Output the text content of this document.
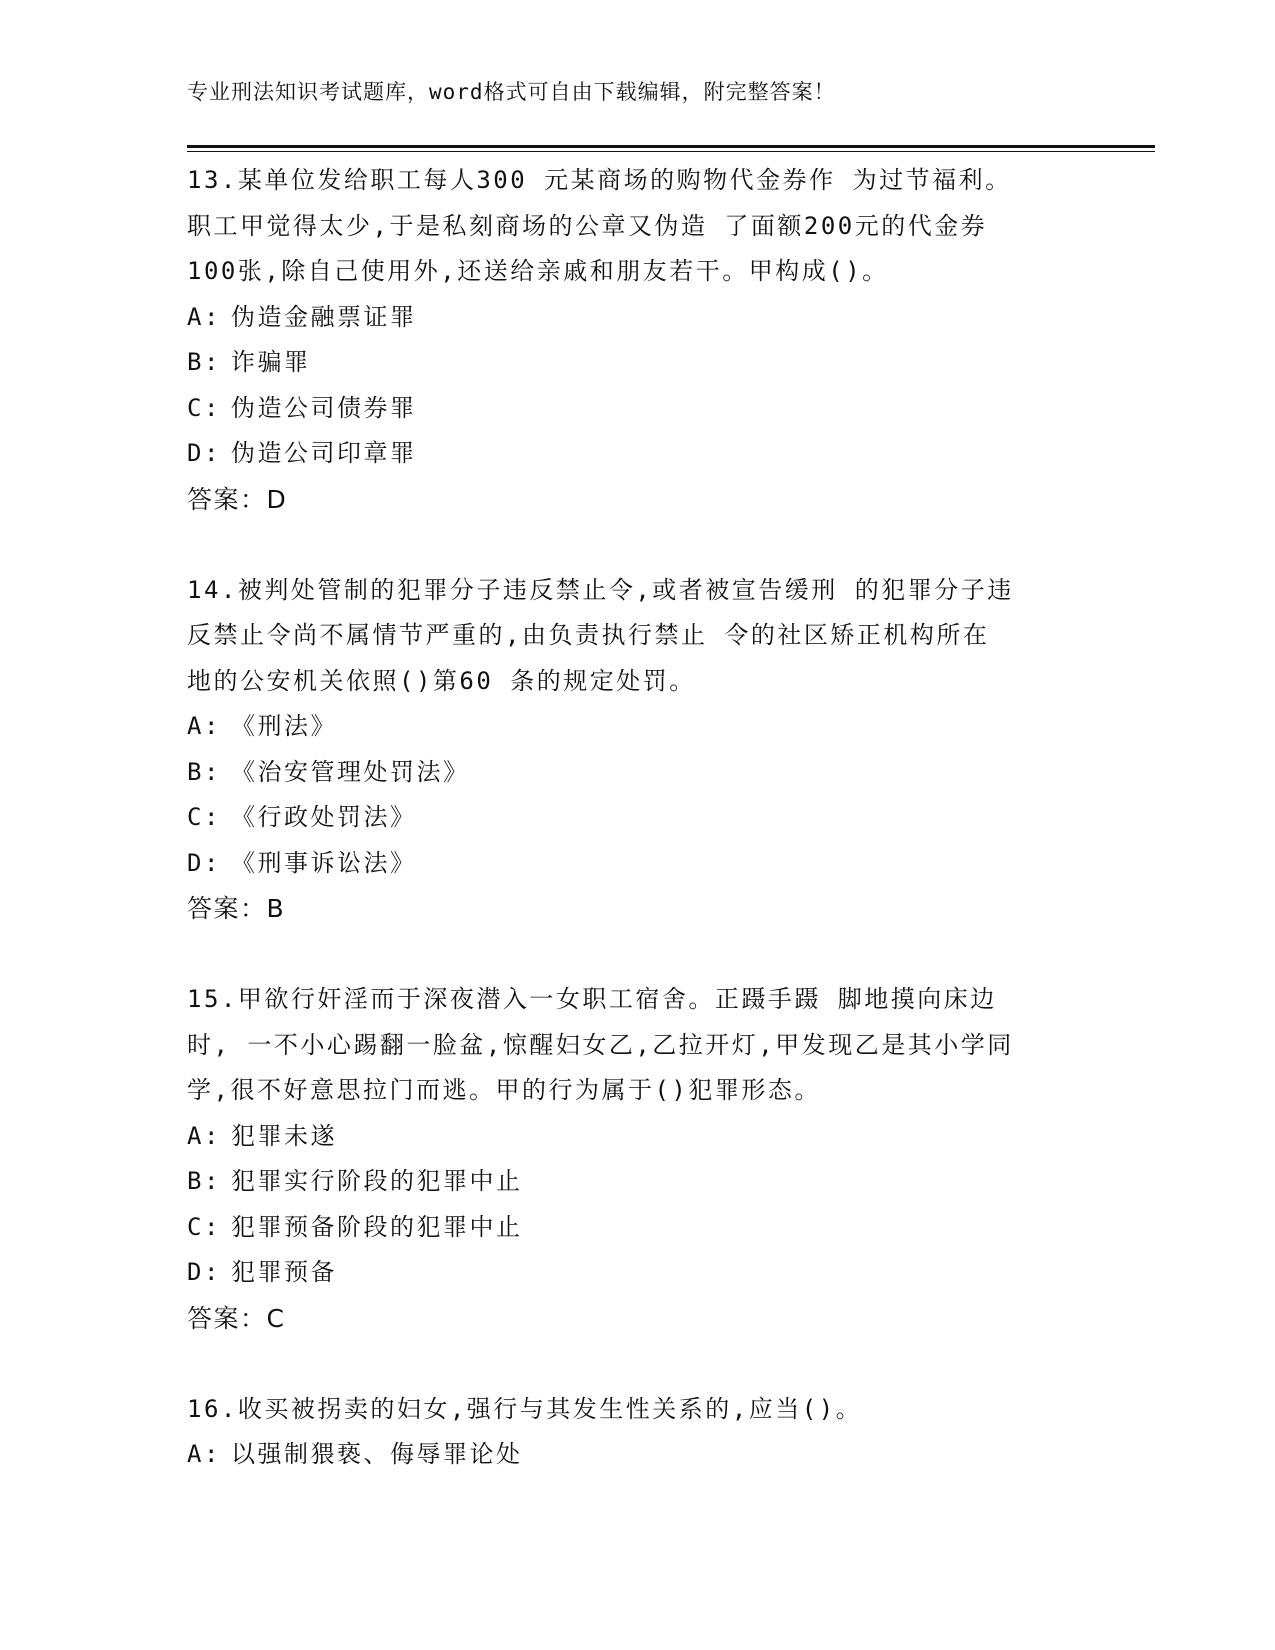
专业刑法知识考试题库，word格式可自由下载编辑，附完整答案！
13.某单位发给职工每人300 元某商场的购物代金券作 为过节福利。
职工甲觉得太少,于是私刻商场的公章又伪造 了面额200元的代金券
100张,除自己使用外,还送给亲戚和朋友若干。甲构成()。
A: 伪造金融票证罪
B: 诈骗罪
C: 伪造公司债券罪
D: 伪造公司印章罪
答案：D
14.被判处管制的犯罪分子违反禁止令,或者被宣告缓刑 的犯罪分子违
反禁止令尚不属情节严重的,由负责执行禁止 令的社区矫正机构所在
地的公安机关依照()第60 条的规定处罚。
A: 《刑法》
B: 《治安管理处罚法》
C: 《行政处罚法》
D: 《刑事诉讼法》
答案：B
15.甲欲行奸淫而于深夜潜入一女职工宿舍。正蹑手蹑 脚地摸向床边
时, 一不小心踢翻一脸盆,惊醒妇女乙,乙拉开灯,甲发现乙是其小学同
学,很不好意思拉门而逃。甲的行为属于()犯罪形态。
A: 犯罪未遂
B: 犯罪实行阶段的犯罪中止
C: 犯罪预备阶段的犯罪中止
D: 犯罪预备
答案：C
16.收买被拐卖的妇女,强行与其发生性关系的,应当()。
A: 以强制猥亵、侮辱罪论处
